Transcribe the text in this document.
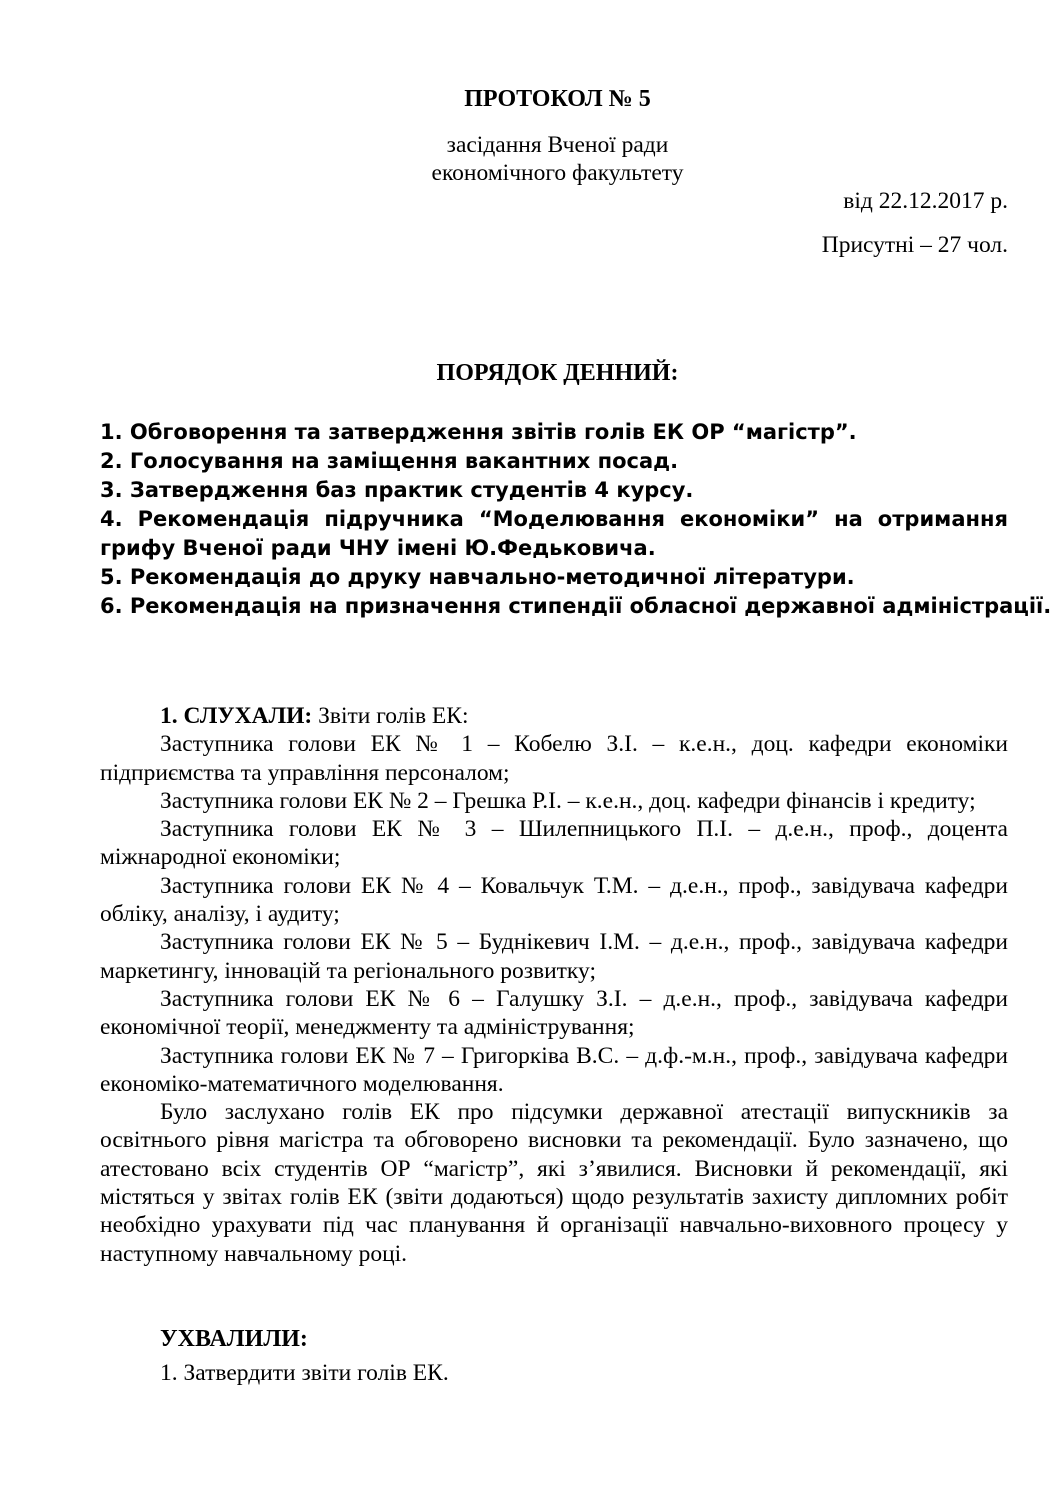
ПРОТОКОЛ № 5
засідання Вченої ради
економічного факультету
від 22.12.2017 р.
Присутні – 27 чол.
ПОРЯДОК ДЕННИЙ:
1. Обговорення та затвердження звітів голів ЕК ОР “магістр”.
2. Голосування на заміщення вакантних посад.
3. Затвердження баз практик студентів 4 курсу.
4. Рекомендація підручника “Моделювання економіки” на отримання грифу Вченої ради ЧНУ імені Ю.Федьковича.
5. Рекомендація до друку навчально-методичної літератури.
6. Рекомендація на призначення стипендії обласної державної адміністрації.

1. СЛУХАЛИ: Звіти голів ЕК:

Заступника голови ЕК № 1 – Кобелю З.І. – к.е.н., доц. кафедри економіки підприємства та управління персоналом;

Заступника голови ЕК № 2 – Грешка Р.І. – к.е.н., доц. кафедри фінансів і кредиту;

Заступника голови ЕК № 3 – Шилепницького П.І. – д.е.н., проф., доцента міжнародної економіки;

Заступника голови ЕК № 4 – Ковальчук Т.М. – д.е.н., проф., завідувача кафедри обліку, аналізу, і аудиту;

Заступника голови ЕК № 5 – Буднікевич І.М. – д.е.н., проф., завідувача кафедри маркетингу, інновацій та регіонального розвитку;

Заступника голови ЕК № 6 – Галушку З.І. – д.е.н., проф., завідувача кафедри економічної теорії, менеджменту та адміністрування;

Заступника голови ЕК № 7 – Григорківа В.С. – д.ф.-м.н., проф., завідувача кафедри економіко-математичного моделювання.

Було заслухано голів ЕК про підсумки державної атестації випускників за освітнього рівня магістра та обговорено висновки та рекомендації. Було зазначено, що атестовано всіх студентів ОР “магістр”, які з’явилися. Висновки й рекомендації, які містяться у звітах голів ЕК (звіти додаються) щодо результатів захисту дипломних робіт необхідно урахувати під час планування й організації навчально-виховного процесу у наступному навчальному році.

УХВАЛИЛИ:
1. Затвердити звіти голів ЕК.
